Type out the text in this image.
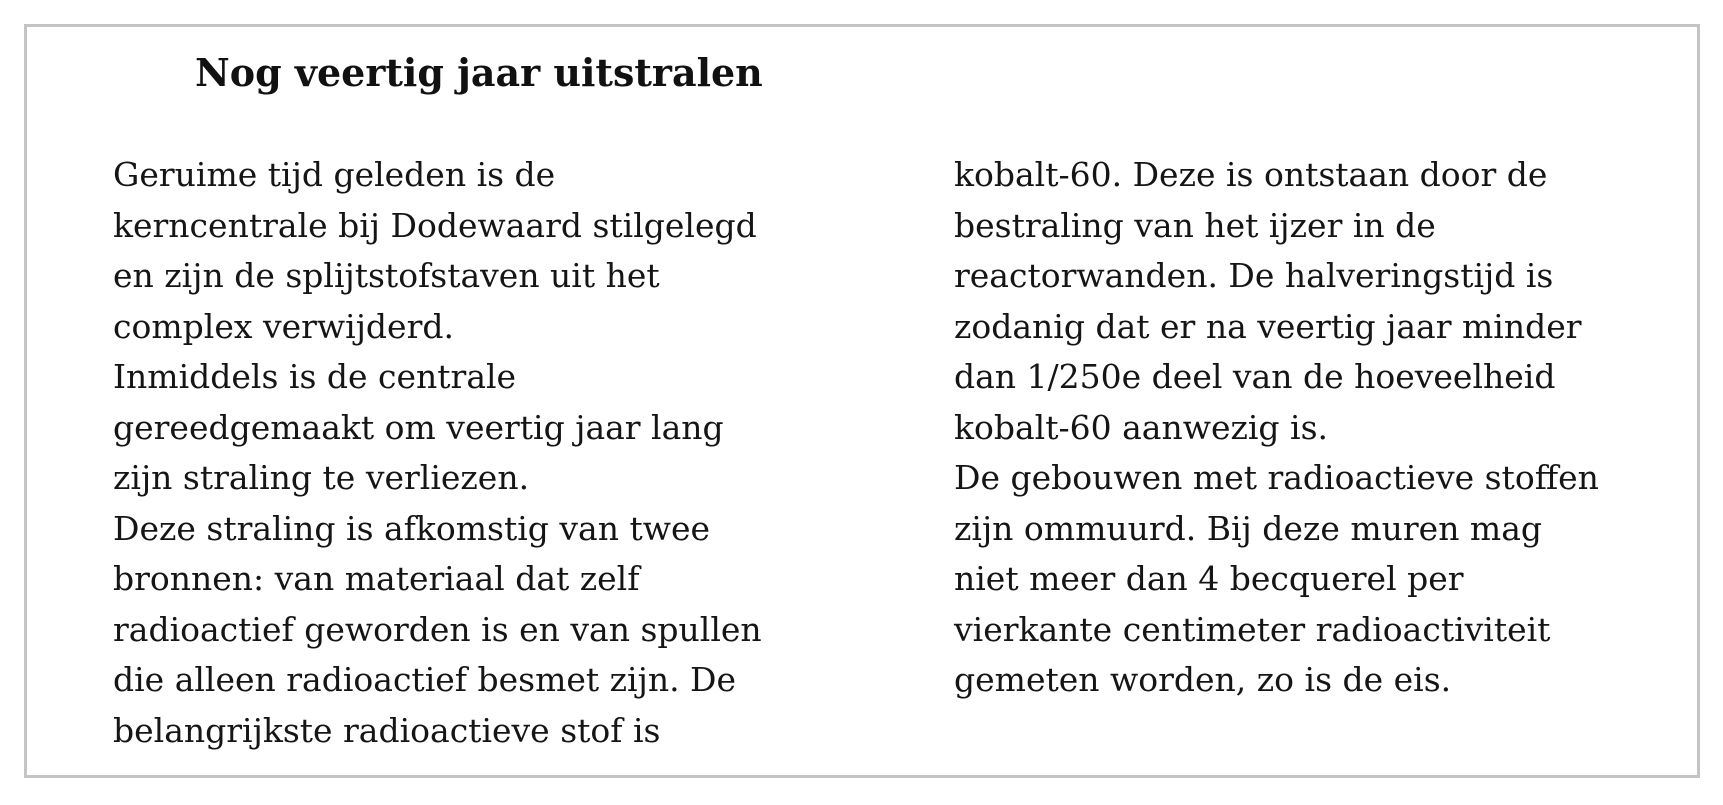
Nog veertig jaar uitstralen
Geruime tijd geleden is de
kerncentrale bij Dodewaard stilgelegd
en zijn de splijtstofstaven uit het
complex verwijderd.
Inmiddels is de centrale
gereedgemaakt om veertig jaar lang
zijn straling te verliezen.
Deze straling is afkomstig van twee
bronnen: van materiaal dat zelf
radioactief geworden is en van spullen
die alleen radioactief besmet zijn. De
belangrijkste radioactieve stof is
kobalt-60. Deze is ontstaan door de
bestraling van het ijzer in de
reactorwanden. De halveringstijd is
zodanig dat er na veertig jaar minder
dan 1/250e deel van de hoeveelheid
kobalt-60 aanwezig is.
De gebouwen met radioactieve stoffen
zijn ommuurd. Bij deze muren mag
niet meer dan 4 becquerel per
vierkante centimeter radioactiviteit
gemeten worden, zo is de eis.
